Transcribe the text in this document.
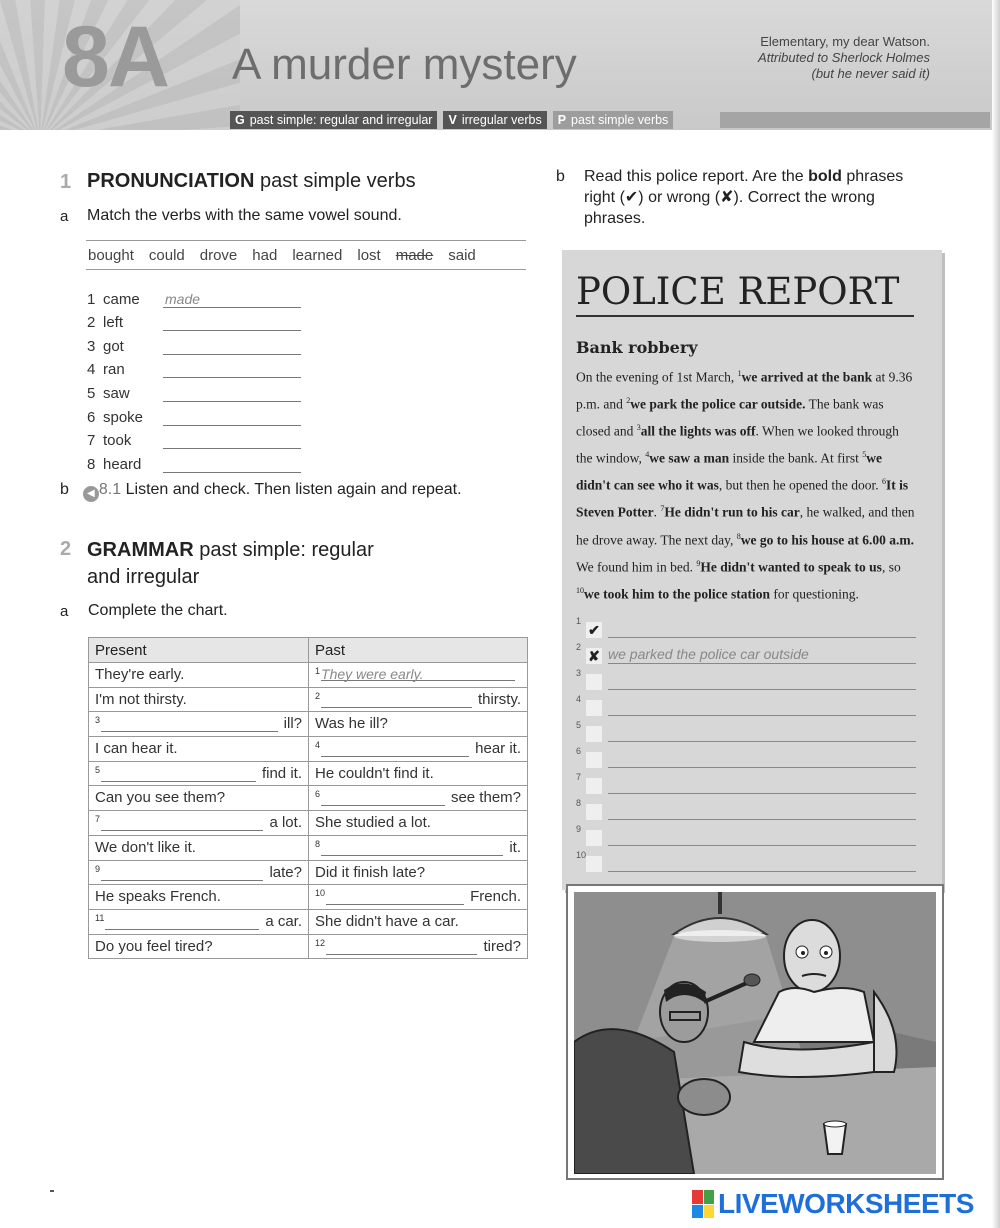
8A A murder mystery	Elementary, my dear Watson.
Attributed to Sherlock Holmes
(but he never said it)
G past simple: regular and irregular	V irregular verbs	P past simple verbs
1 PRONUNCIATION past simple verbs
a Match the verbs with the same vowel sound.
bought could drove had learned lost made said
1 came	made
2 left
3 got
4 ran
5 saw
6 spoke
7 took
8 heard
b ◀ 8.1 Listen and check. Then listen again and repeat.
2 GRAMMAR past simple: regular
and irregular
a Complete the chart.
Present	Past
They're early.	1 They were early.

I'm not thirsty.	2 thirsty.

3 ill?	Was he ill?
I can hear it.	4 hear it.

5 find it.	He couldn't find it.
Can you see them?	6 see them?

7 a lot.	She studied a lot.
We don't like it.	8 it.

9 late?	Did it finish late?
He speaks French.	10 French.

11 a car.	She didn't have a car.
Do you feel tired?	12 tired?
b Read this police report. Are the bold phrases right (✔) or wrong (✘). Correct the wrong phrases.
POLICE REPORT
Bank robbery
On the evening of 1st March, $^1$we arrived at the bank at 9.36 p.m. and $^2$we park the police car outside. The bank was closed and $^3$all the lights was off. When we looked through the window, $^4$we saw a man inside the bank. At first $^5$we didn't can see who it was, but then he opened the door. $^6$It is Steven Potter. $^7$He didn't run to his car, he walked, and then he drove away. The next day, $^8$we go to his house at 6.00 a.m. We found him in bed. $^9$He didn't wanted to speak to us, so $^{10}$we took him to the police station for questioning.
1
✔
2
✘ we parked the police car outside
3
4
5
6
7
8
9
10
LIVEWORKSHEETS
